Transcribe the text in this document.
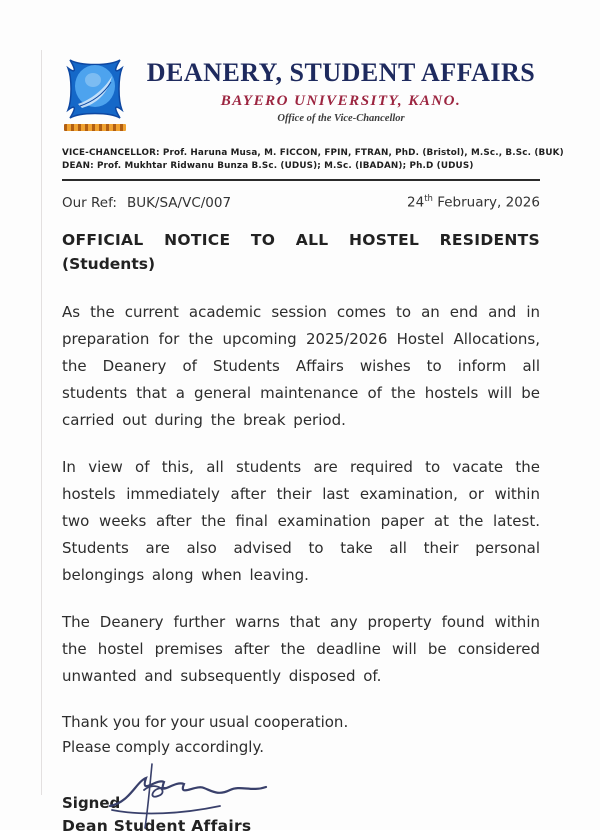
DEANERY, STUDENT AFFAIRS
BAYERO UNIVERSITY, KANO.
Office of the Vice-Chancellor
VICE-CHANCELLOR: Prof. Haruna Musa, M. FICCON, FPIN, FTRAN, PhD. (Bristol), M.Sc., B.Sc. (BUK)
DEAN: Prof. Mukhtar Ridwanu Bunza B.Sc. (UDUS); M.Sc. (IBADAN); Ph.D (UDUS)
Our Ref: BUK/SA/VC/007	24th February, 2026
OFFICIAL NOTICE TO ALL HOSTEL RESIDENTS
(Students)

As the current academic session comes to an end and in preparation for the upcoming 2025/2026 Hostel Allocations, the Deanery of Students Affairs wishes to inform all students that a general maintenance of the hostels will be carried out during the break period.

In view of this, all students are required to vacate the hostels immediately after their last examination, or within two weeks after the final examination paper at the latest. Students are also advised to take all their personal belongings along when leaving.

The Deanery further warns that any property found within the hostel premises after the deadline will be considered unwanted and subsequently disposed of.

Thank you for your usual cooperation.
Please comply accordingly.
Signed
Dean Student Affairs
